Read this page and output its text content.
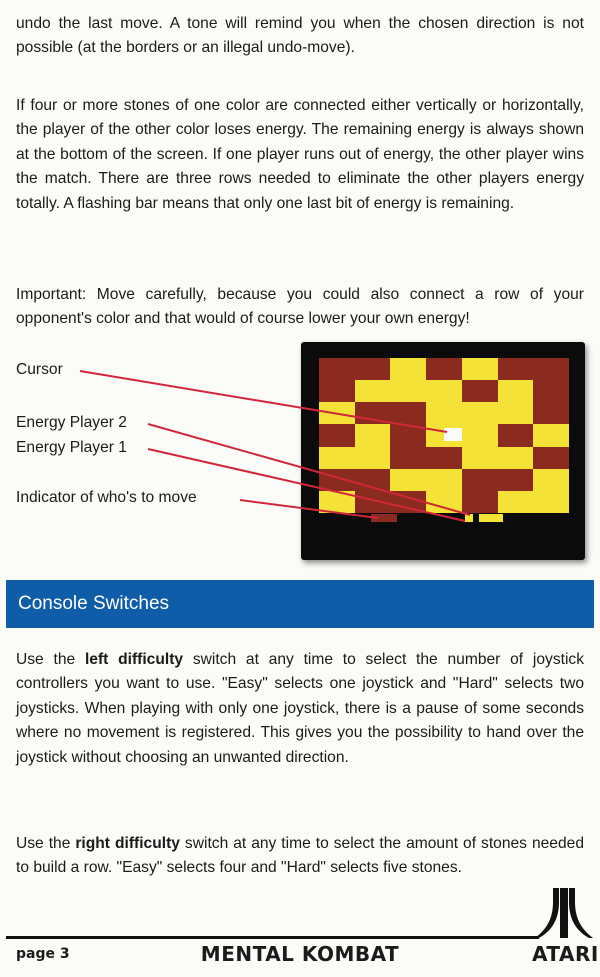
undo the last move. A tone will remind you when the chosen direction is not possible (at the borders or an illegal undo-move).

If four or more stones of one color are connected either vertically or horizontally, the player of the other color loses energy. The remaining energy is always shown at the bottom of the screen. If one player runs out of energy, the other player wins the match. There are three rows needed to eliminate the other players energy totally. A flashing bar means that only one last bit of energy is remaining.

Important: Move carefully, because you could also connect a row of your opponent's color and that would of course lower your own energy!

Cursor
Energy Player 2
Energy Player 1
Indicator of who's to move
Console Switches

Use the left difficulty switch at any time to select the number of joystick controllers you want to use. "Easy" selects one joystick and "Hard" selects two joysticks. When playing with only one joystick, there is a pause of some seconds where no movement is registered. This gives you the possibility to hand over the joystick without choosing an unwanted direction.

Use the right difficulty switch at any time to select the amount of stones needed to build a row. "Easy" selects four and "Hard" selects five stones.

page 3	MENTAL KOMBAT	ATARI
